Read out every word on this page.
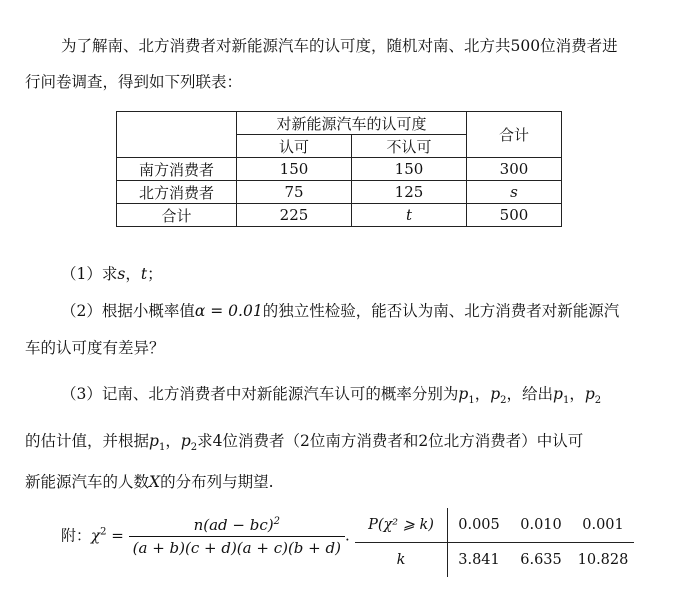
为了解南、北方消费者对新能源汽车的认可度，随机对南、北方共500位消费者进
行问卷调查，得到如下列联表：
	对新能源汽车的认可度		合计
	认可	不认可	
南方消费者	150	150	300
北方消费者	75	125	s
合计	225	t	500
（1）求s，t；
（2）根据小概率值α = 0.01的独立性检验，能否认为南、北方消费者对新能源汽
车的认可度有差异？
（3）记南、北方消费者中对新能源汽车认可的概率分别为$p_1$，$p_2$，给出$p_1$，$p_2$
的估计值，并根据$p_1$，$p_2$求4位消费者（2位南方消费者和2位北方消费者）中认可
新能源汽车的人数X的分布列与期望.
附：$\chi^2 = \frac{n(ad - bc)^2}{(a + b)(c + d)(a + c)(b + d)}$ .
P(χ² ⩾ k)	0.005	0.010	0.001
k	3.841	6.635	10.828
